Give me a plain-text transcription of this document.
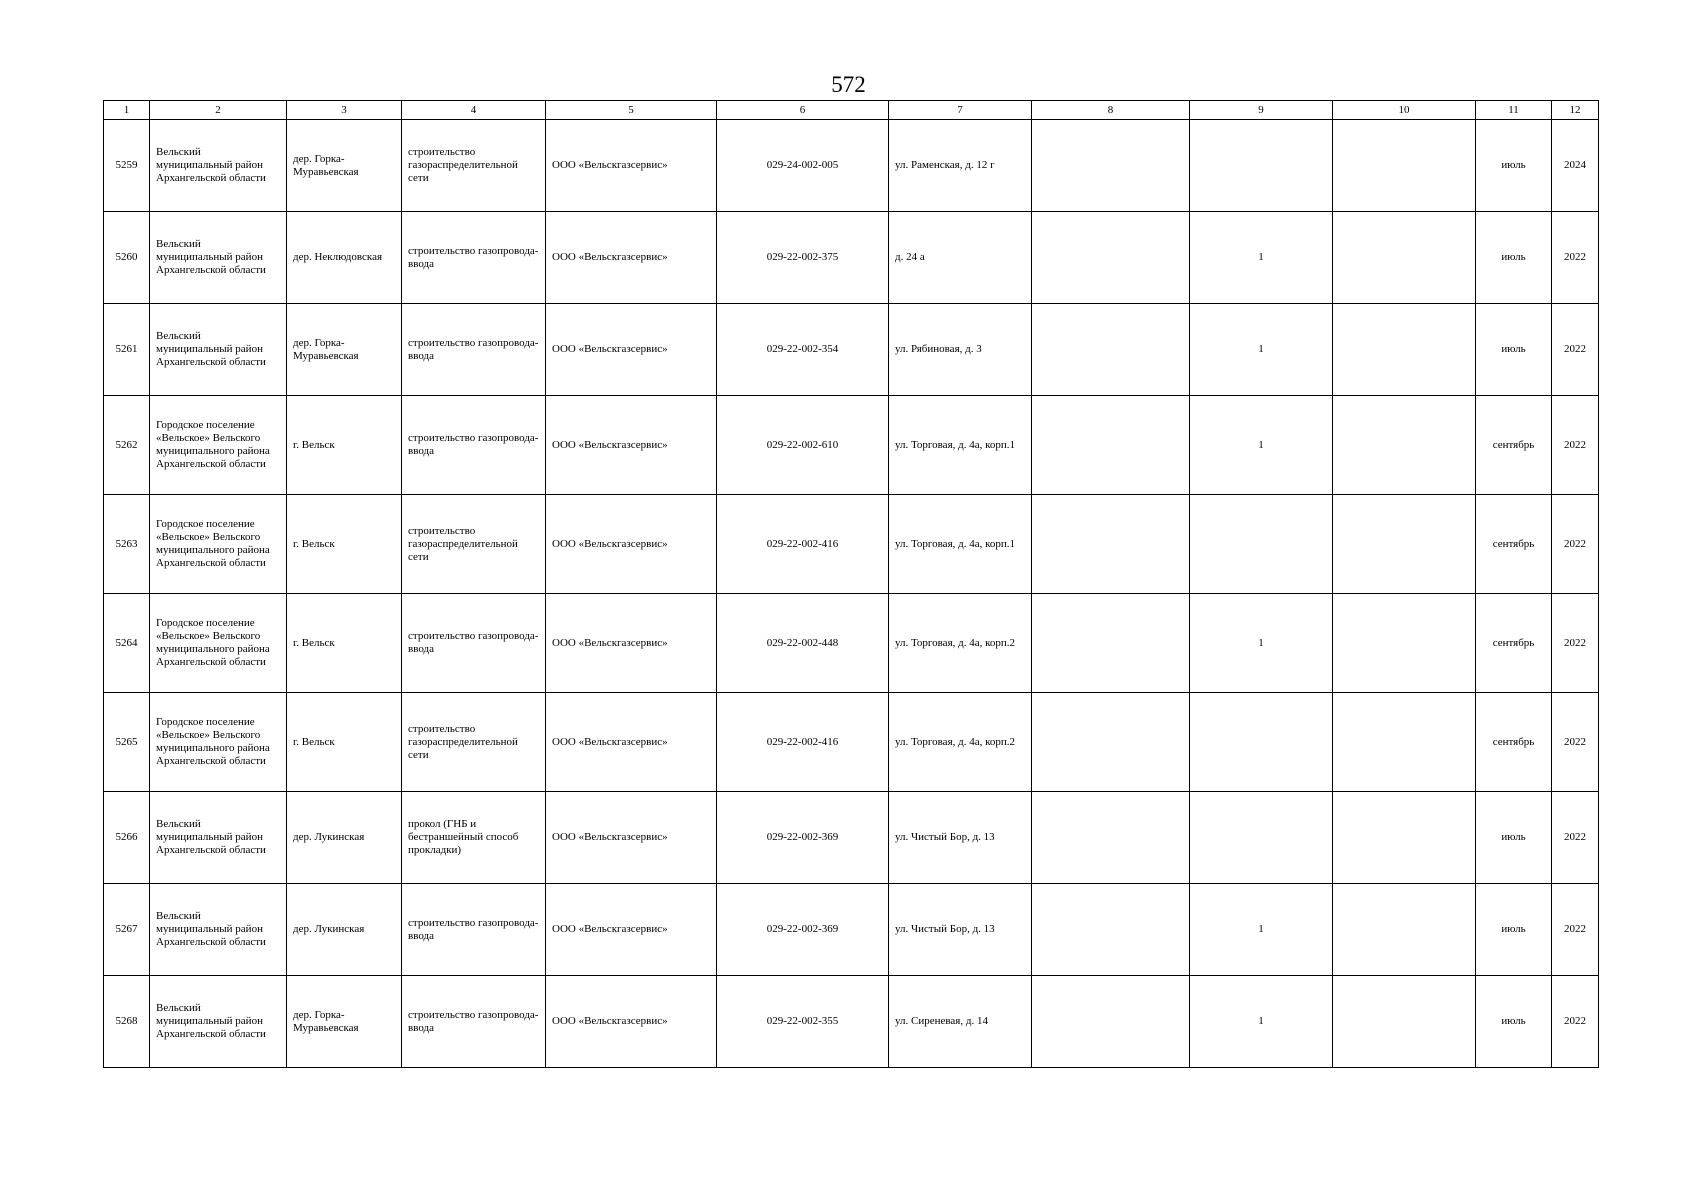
572
1	2	3	4	5	6	7	8	9	10	11	12
5259	Вельский муниципальный район Архангельской области	дер. Горка-Муравьевская	строительство газораспределительной сети	ООО «Вельскгазсервис»	029-24-002-005	ул. Раменская, д. 12 г				июль	2024
5260	Вельский муниципальный район Архангельской области	дер. Неклюдовская	строительство газопровода-ввода	ООО «Вельскгазсервис»	029-22-002-375	д. 24 а		1		июль	2022
5261	Вельский муниципальный район Архангельской области	дер. Горка-Муравьевская	строительство газопровода-ввода	ООО «Вельскгазсервис»	029-22-002-354	ул. Рябиновая, д. 3		1		июль	2022
5262	Городское поселение «Вельское» Вельского муниципального района Архангельской области	г. Вельск	строительство газопровода-ввода	ООО «Вельскгазсервис»	029-22-002-610	ул. Торговая, д. 4а, корп.1		1		сентябрь	2022
5263	Городское поселение «Вельское» Вельского муниципального района Архангельской области	г. Вельск	строительство газораспределительной сети	ООО «Вельскгазсервис»	029-22-002-416	ул. Торговая, д. 4а, корп.1				сентябрь	2022
5264	Городское поселение «Вельское» Вельского муниципального района Архангельской области	г. Вельск	строительство газопровода-ввода	ООО «Вельскгазсервис»	029-22-002-448	ул. Торговая, д. 4а, корп.2		1		сентябрь	2022
5265	Городское поселение «Вельское» Вельского муниципального района Архангельской области	г. Вельск	строительство газораспределительной сети	ООО «Вельскгазсервис»	029-22-002-416	ул. Торговая, д. 4а, корп.2				сентябрь	2022
5266	Вельский муниципальный район Архангельской области	дер. Лукинская	прокол (ГНБ и бестраншейный способ прокладки)	ООО «Вельскгазсервис»	029-22-002-369	ул. Чистый Бор, д. 13				июль	2022
5267	Вельский муниципальный район Архангельской области	дер. Лукинская	строительство газопровода-ввода	ООО «Вельскгазсервис»	029-22-002-369	ул. Чистый Бор, д. 13		1		июль	2022
5268	Вельский муниципальный район Архангельской области	дер. Горка-Муравьевская	строительство газопровода-ввода	ООО «Вельскгазсервис»	029-22-002-355	ул. Сиреневая, д. 14		1		июль	2022
